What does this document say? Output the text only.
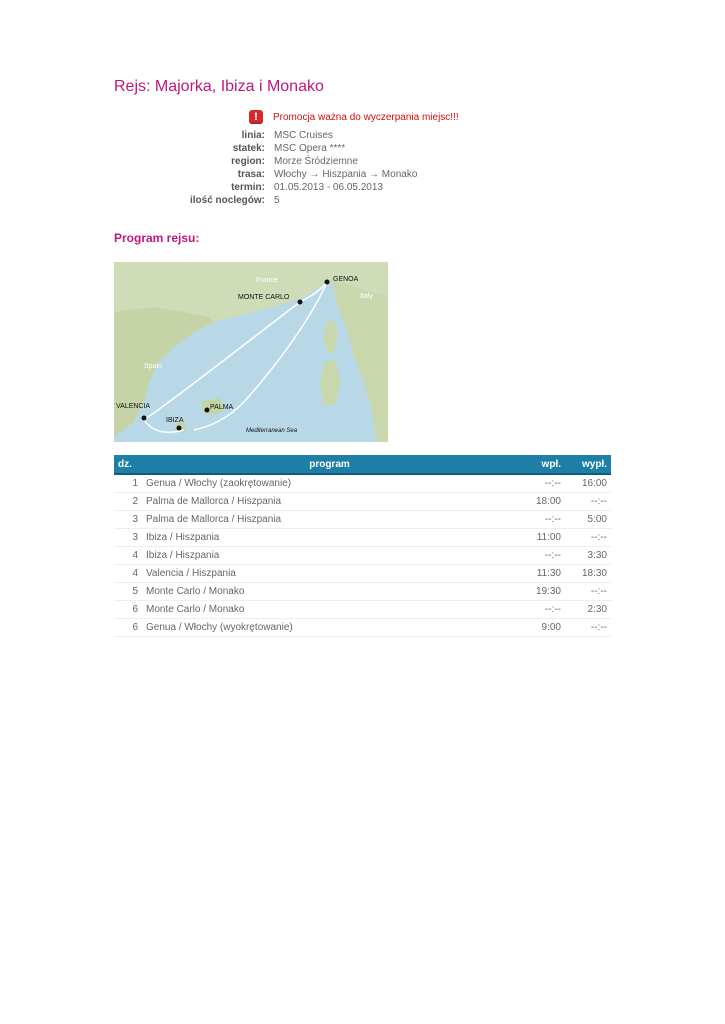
Rejs: Majorka, Ibiza i Monako
!	Promocja ważna do wyczerpania miejsc!!!
linia:	MSC Cruises
statek:	MSC Opera ****
region:	Morze Śródziemne
trasa:	Włochy → Hiszpania → Monako
termin:	01.05.2013 - 06.05.2013
ilość noclegów:	5
Program rejsu:
France
Italy
Spain
GENOA
MONTE CARLO
VALENCIA
IBIZA
PALMA
Mediterranean Sea
dz.	program	wpł.	wypł.
1	Genua / Włochy (zaokrętowanie)	--:--	16:00
2	Palma de Mallorca / Hiszpania	18:00	--:--
3	Palma de Mallorca / Hiszpania	--:--	5:00
3	Ibiza / Hiszpania	11:00	--:--
4	Ibiza / Hiszpania	--:--	3:30
4	Valencia / Hiszpania	11:30	18:30
5	Monte Carlo / Monako	19:30	--:--
6	Monte Carlo / Monako	--:--	2:30
6	Genua / Włochy (wyokrętowanie)	9:00	--:--
